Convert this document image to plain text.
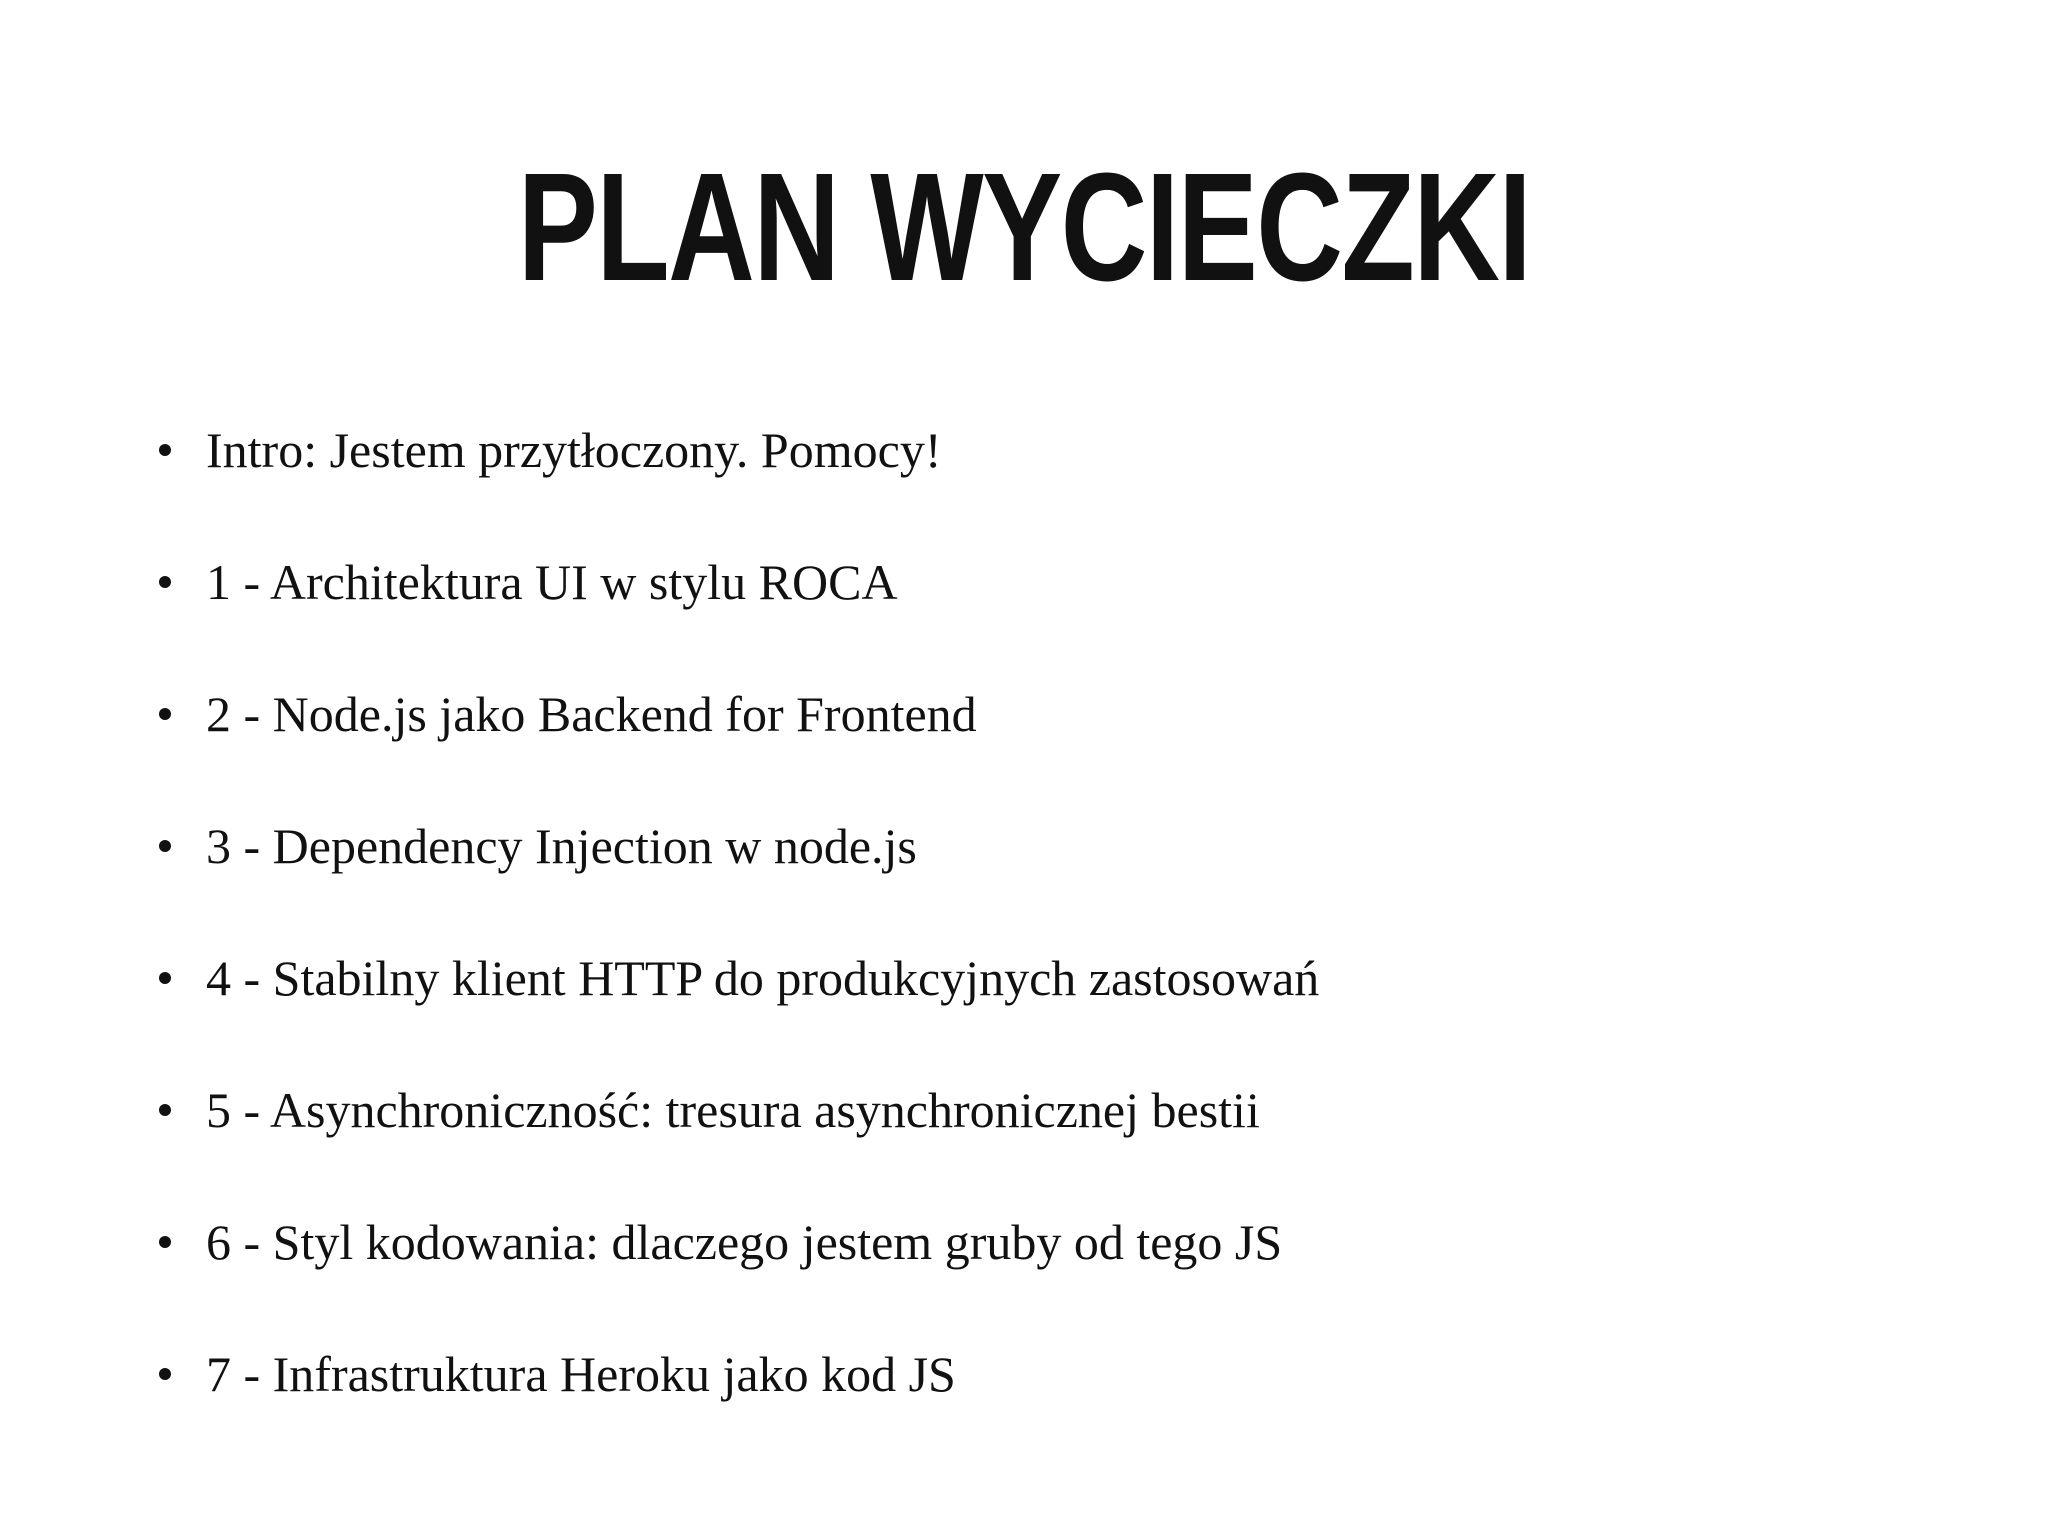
PLAN WYCIECZKI
Intro: Jestem przytłoczony. Pomocy!
1 - Architektura UI w stylu ROCA
2 - Node.js jako Backend for Frontend
3 - Dependency Injection w node.js
4 - Stabilny klient HTTP do produkcyjnych zastosowań
5 - Asynchroniczność: tresura asynchronicznej bestii
6 - Styl kodowania: dlaczego jestem gruby od tego JS
7 - Infrastruktura Heroku jako kod JS
